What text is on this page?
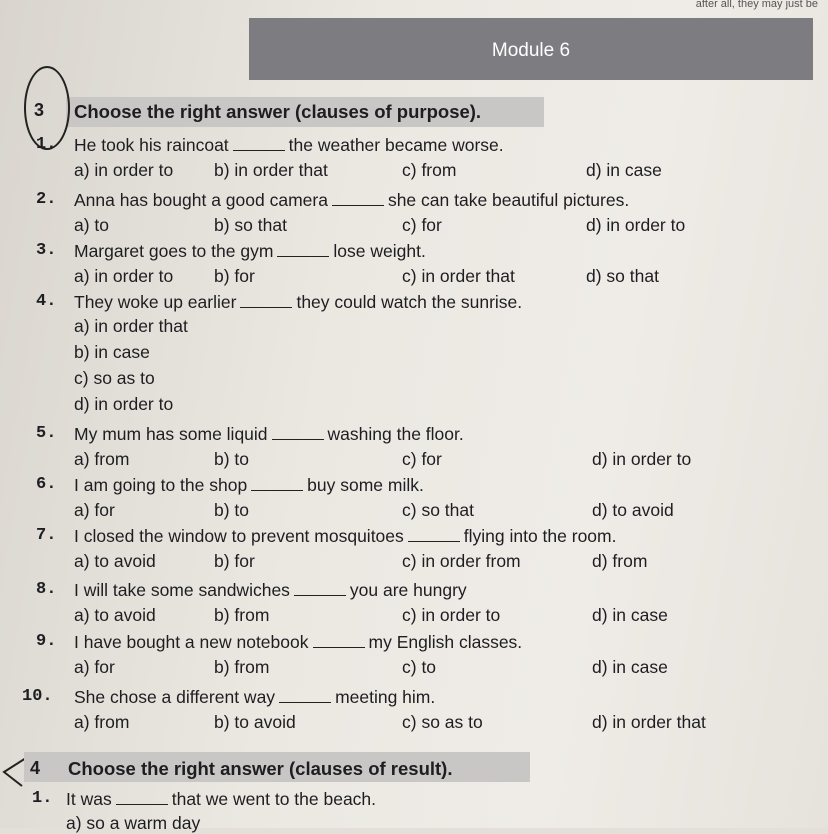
after all, they may just be
Module 6
3 Choose the right answer (clauses of purpose).
1. He took his raincoat	the weather became worse.
a) in order to b) in order that	c) from	d) in case
2. Anna has bought a good camera	she can take beautiful pictures.
a) to	b) so that	c) for	d) in order to
3. Margaret goes to the gym	lose weight.
a) in order to b) for	c) in order that	d) so that
4. They woke up earlier	they could watch the sunrise.
a) in order that
b) in case
c) so as to
d) in order to
5. My mum has some liquid	washing the floor.
a) from	b) to	c) for	d) in order to
6. I am going to the shop	buy some milk.
a) for	b) to	c) so that	d) to avoid
7. I closed the window to prevent mosquitoes	flying into the room.
a) to avoid	b) for	c) in order from	d) from
8. I will take some sandwiches	you are hungry
a) to avoid	b) from	c) in order to	d) in case
9. I have bought a new notebook	my English classes.
a) for	b) from	c) to	d) in case
10. She chose a different way	meeting him.
a) from	b) to avoid	c) so as to	d) in order that
4 Choose the right answer (clauses of result).
1. It was	that we went to the beach.
a) so a warm day
